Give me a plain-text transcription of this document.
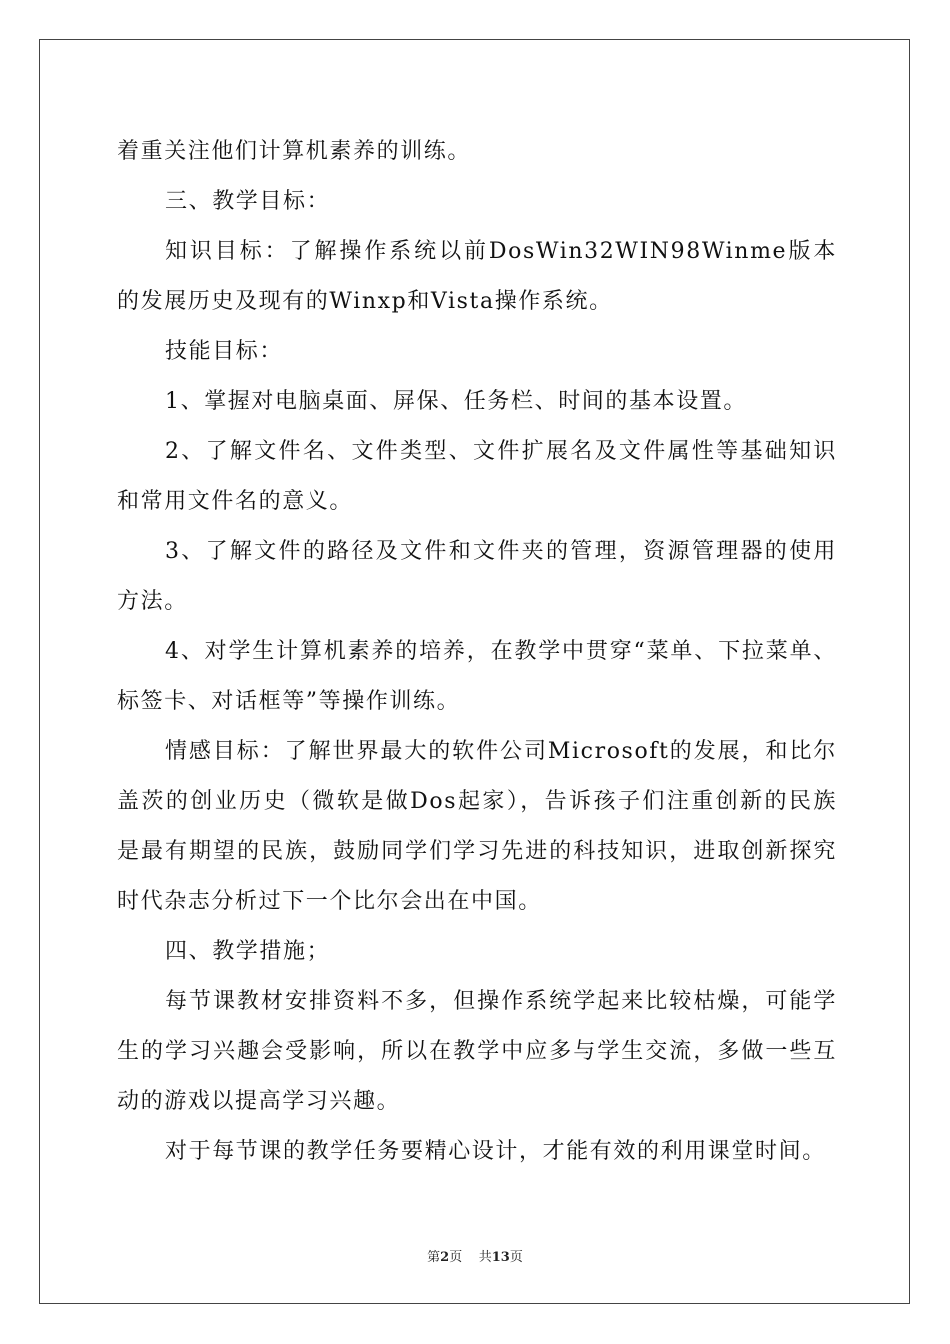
着重关注他们计算机素养的训练。

三、教学目标：

知识目标：了解操作系统以前DosWin32WIN98Winme版本的发展历史及现有的Winxp和Vista操作系统。

技能目标：

1、掌握对电脑桌面、屏保、任务栏、时间的基本设置。

2、了解文件名、文件类型、文件扩展名及文件属性等基础知识和常用文件名的意义。

3、了解文件的路径及文件和文件夹的管理，资源管理器的使用方法。

4、对学生计算机素养的培养，在教学中贯穿“菜单、下拉菜单、标签卡、对话框等”等操作训练。

情感目标：了解世界最大的软件公司Microsoft的发展，和比尔盖茨的创业历史（微软是做Dos起家），告诉孩子们注重创新的民族是最有期望的民族，鼓励同学们学习先进的科技知识，进取创新探究时代杂志分析过下一个比尔会出在中国。

四、教学措施；

每节课教材安排资料不多，但操作系统学起来比较枯燥，可能学生的学习兴趣会受影响，所以在教学中应多与学生交流，多做一些互动的游戏以提高学习兴趣。

对于每节课的教学任务要精心设计，才能有效的利用课堂时间。

第2页 共13页
